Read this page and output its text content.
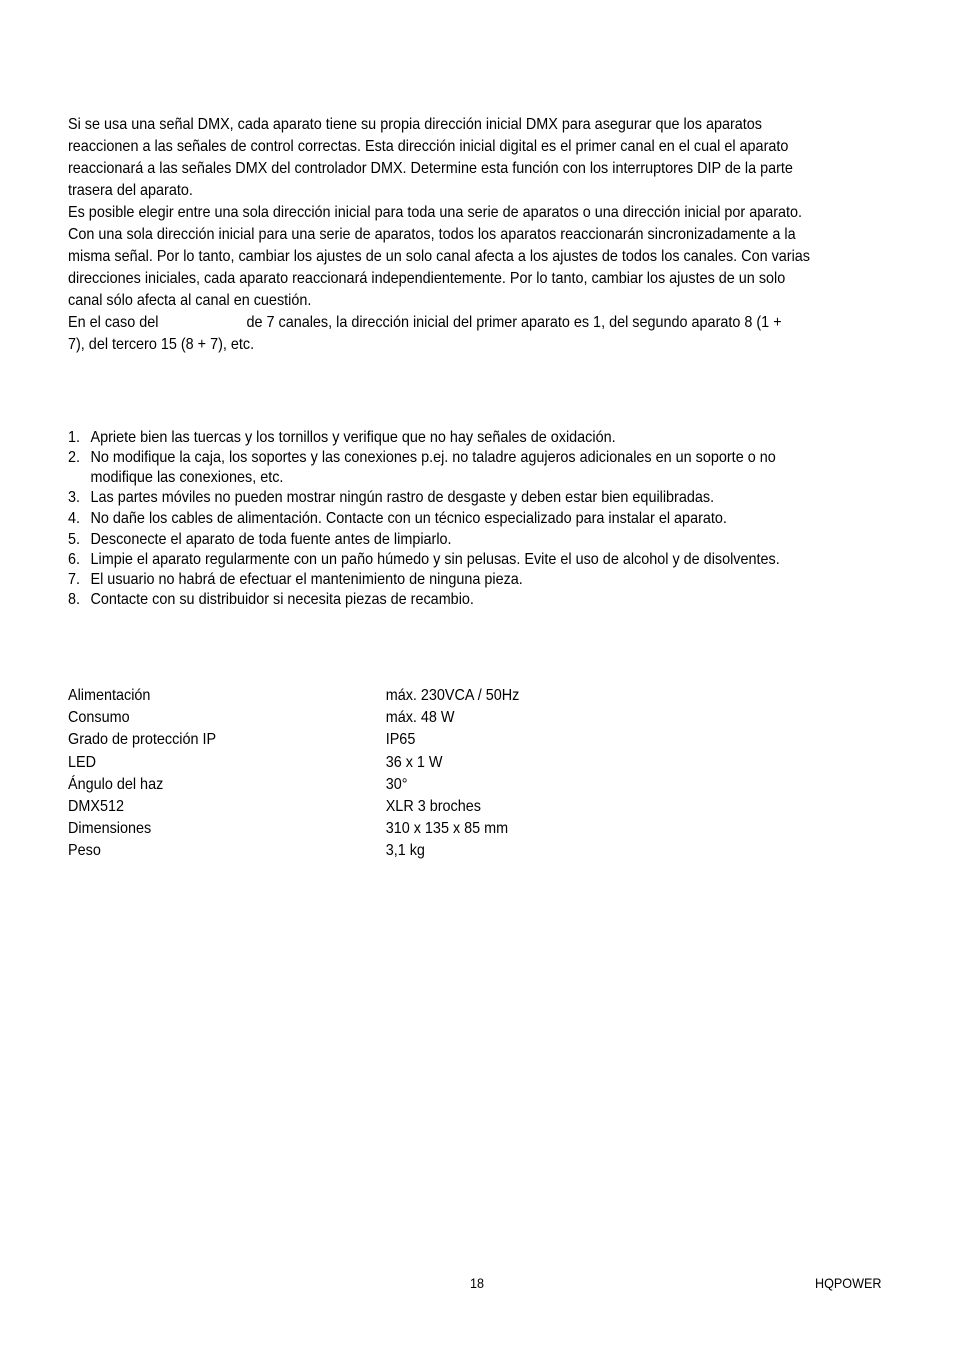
Si se usa una señal DMX, cada aparato tiene su propia dirección inicial DMX para asegurar que los aparatos
reaccionen a las señales de control correctas. Esta dirección inicial digital es el primer canal en el cual el aparato
reaccionará a las señales DMX del controlador DMX. Determine esta función con los interruptores DIP de la parte
trasera del aparato.
Es posible elegir entre una sola dirección inicial para toda una serie de aparatos o una dirección inicial por aparato.
Con una sola dirección inicial para una serie de aparatos, todos los aparatos reaccionarán sincronizadamente a la
misma señal. Por lo tanto, cambiar los ajustes de un solo canal afecta a los ajustes de todos los canales. Con varias
direcciones iniciales, cada aparato reaccionará independientemente. Por lo tanto, cambiar los ajustes de un solo
canal sólo afecta al canal en cuestión.
En el caso del                      de 7 canales, la dirección inicial del primer aparato es 1, del segundo aparato 8 (1 +
7), del tercero 15 (8 + 7), etc.
1. Apriete bien las tuercas y los tornillos y verifique que no hay señales de oxidación.
2. No modifique la caja, los soportes y las conexiones p.ej. no taladre agujeros adicionales en un soporte o no
modifique las conexiones, etc.
3. Las partes móviles no pueden mostrar ningún rastro de desgaste y deben estar bien equilibradas.
4. No dañe los cables de alimentación. Contacte con un técnico especializado para instalar el aparato.
5. Desconecte el aparato de toda fuente antes de limpiarlo.
6. Limpie el aparato regularmente con un paño húmedo y sin pelusas. Evite el uso de alcohol y de disolventes.
7. El usuario no habrá de efectuar el mantenimiento de ninguna pieza.
8. Contacte con su distribuidor si necesita piezas de recambio.
Alimentación	máx. 230VCA / 50Hz
Consumo	máx. 48 W
Grado de protección IP	IP65
LED	36 x 1 W
Ángulo del haz	30°
DMX512	XLR 3 broches
Dimensiones	310 x 135 x 85 mm
Peso	3,1 kg
18	HQPOWER
